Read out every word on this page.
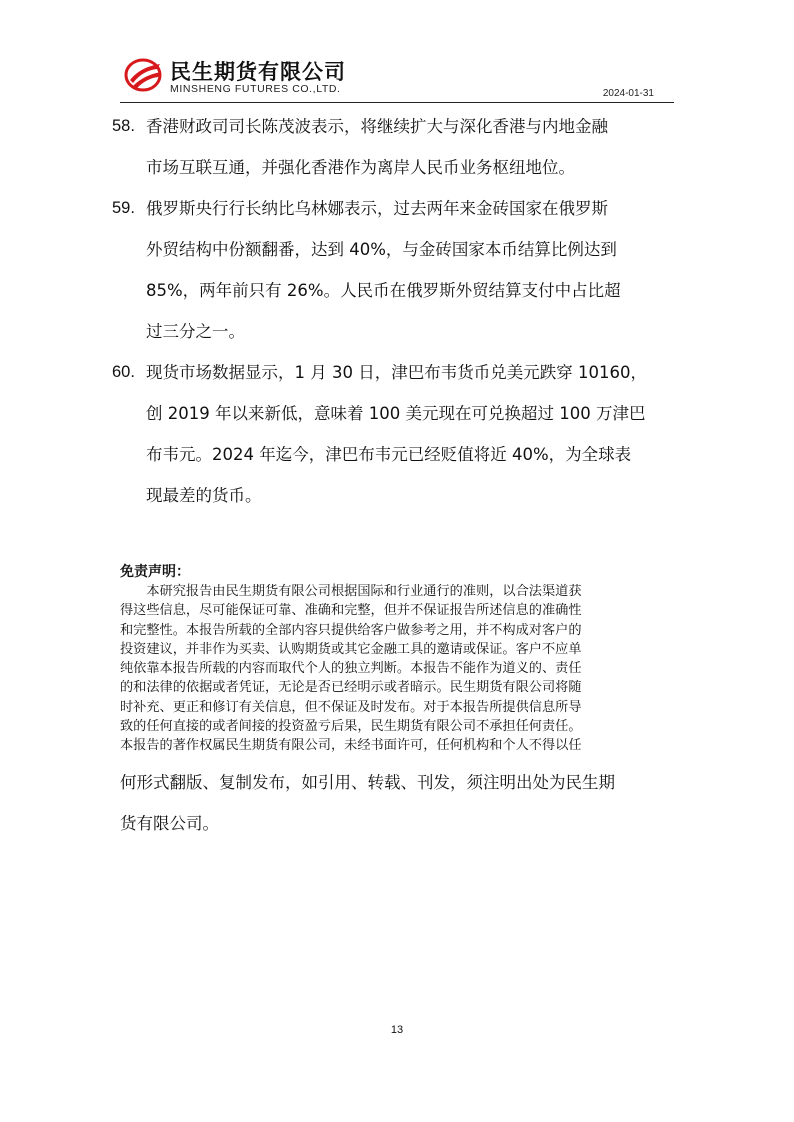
民生期货有限公司
MINSHENG FUTURES CO.,LTD.	2024-01-31
58. 香港财政司司长陈茂波表示，将继续扩大与深化香港与内地金融
市场互联互通，并强化香港作为离岸人民币业务枢纽地位。
59. 俄罗斯央行行长纳比乌林娜表示，过去两年来金砖国家在俄罗斯
外贸结构中份额翻番，达到 40%，与金砖国家本币结算比例达到
85%，两年前只有 26%。人民币在俄罗斯外贸结算支付中占比超
过三分之一。
60. 现货市场数据显示，1 月 30 日，津巴布韦货币兑美元跌穿 10160，
创 2019 年以来新低，意味着 100 美元现在可兑换超过 100 万津巴
布韦元。2024 年迄今，津巴布韦元已经贬值将近 40%，为全球表
现最差的货币。
免责声明：
　　本研究报告由民生期货有限公司根据国际和行业通行的准则，以合法渠道获
得这些信息，尽可能保证可靠、准确和完整，但并不保证报告所述信息的准确性
和完整性。本报告所载的全部内容只提供给客户做参考之用，并不构成对客户的
投资建议，并非作为买卖、认购期货或其它金融工具的邀请或保证。客户不应单
纯依靠本报告所载的内容而取代个人的独立判断。本报告不能作为道义的、责任
的和法律的依据或者凭证，无论是否已经明示或者暗示。民生期货有限公司将随
时补充、更正和修订有关信息，但不保证及时发布。对于本报告所提供信息所导
致的任何直接的或者间接的投资盈亏后果，民生期货有限公司不承担任何责任。
本报告的著作权属民生期货有限公司，未经书面许可，任何机构和个人不得以任
何形式翻版、复制发布，如引用、转载、刊发，须注明出处为民生期
货有限公司。
13
